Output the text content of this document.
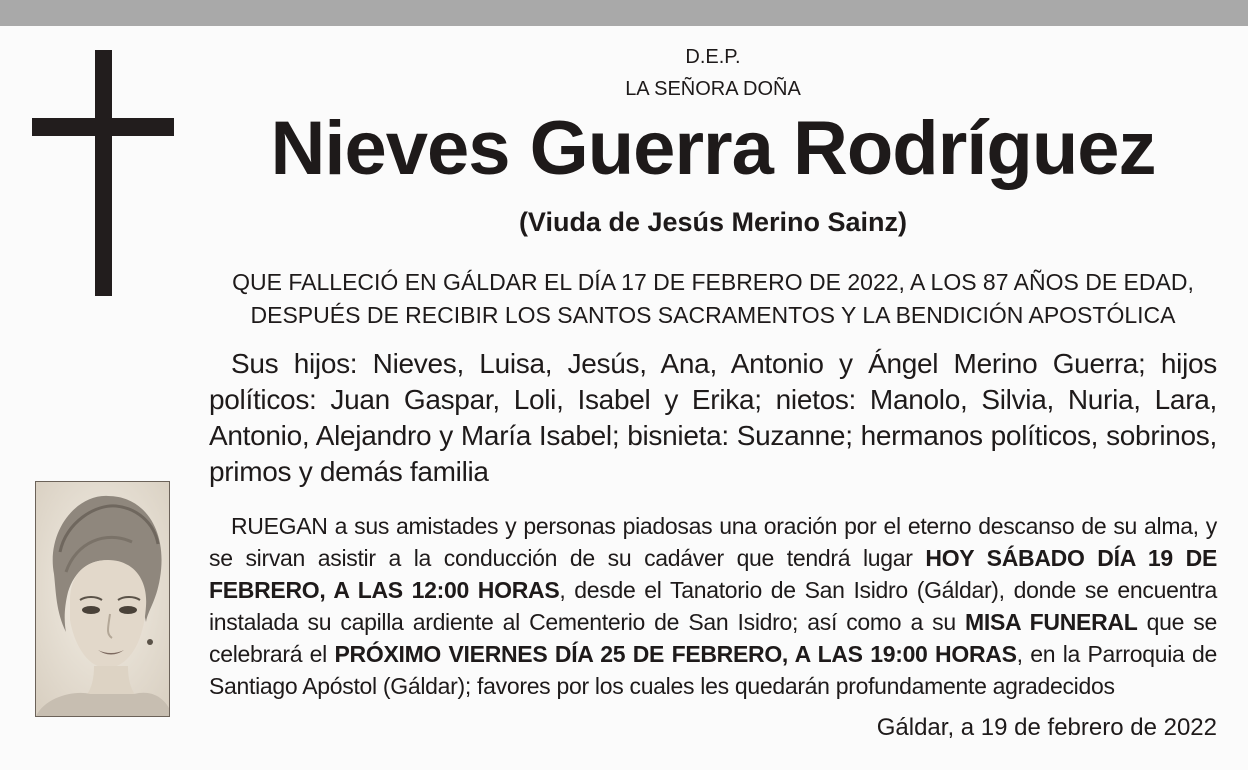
D.E.P.
LA SEÑORA DOÑA
Nieves Guerra Rodríguez
(Viuda de Jesús Merino Sainz)
QUE FALLECIÓ EN GÁLDAR EL DÍA 17 DE FEBRERO DE 2022, A LOS 87 AÑOS DE EDAD,
DESPUÉS DE RECIBIR LOS SANTOS SACRAMENTOS Y LA BENDICIÓN APOSTÓLICA
Sus hijos: Nieves, Luisa, Jesús, Ana, Antonio y Ángel Merino Guerra; hijos políticos: Juan Gaspar, Loli, Isabel y Erika; nietos: Manolo, Silvia, Nuria, Lara, Antonio, Alejandro y María Isabel; bisnieta: Suzanne; hermanos políticos, sobrinos, primos y demás familia
RUEGAN a sus amistades y personas piadosas una oración por el eterno descanso de su alma, y se sirvan asistir a la conducción de su cadáver que tendrá lugar HOY SÁBADO DÍA 19 DE FEBRERO, A LAS 12:00 HORAS, desde el Tanatorio de San Isidro (Gáldar), donde se encuentra instalada su capilla ardiente al Cementerio de San Isidro; así como a su MISA FUNERAL que se celebrará el PRÓXIMO VIERNES DÍA 25 DE FEBRERO, A LAS 19:00 HORAS, en la Parroquia de Santiago Apóstol (Gáldar); favores por los cuales les quedarán profundamente agradecidos
Gáldar, a 19 de febrero de 2022
